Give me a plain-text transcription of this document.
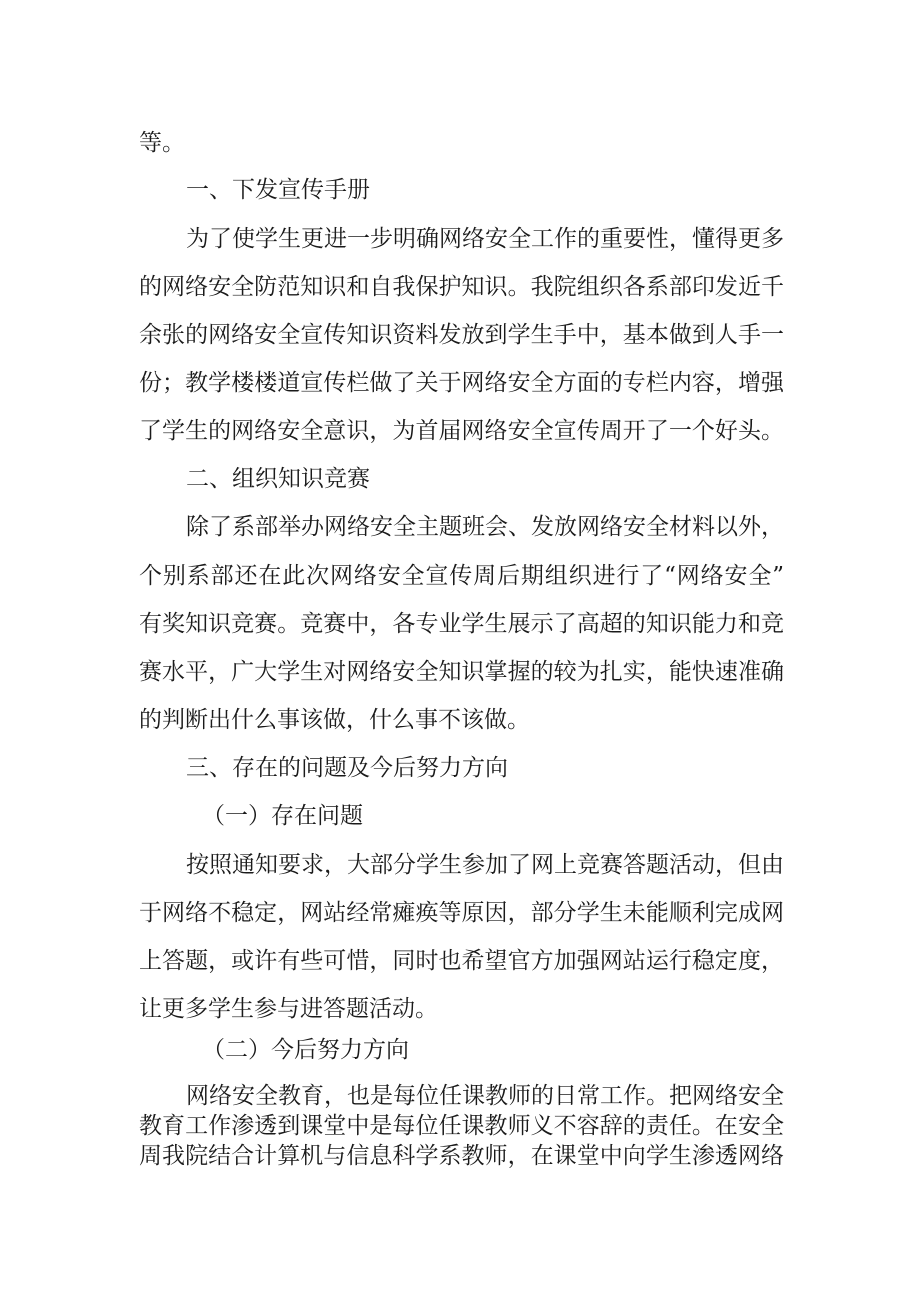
等。
一、下发宣传手册
为了使学生更进一步明确网络安全工作的重要性，懂得更多
的网络安全防范知识和自我保护知识。我院组织各系部印发近千
余张的网络安全宣传知识资料发放到学生手中，基本做到人手一
份；教学楼楼道宣传栏做了关于网络安全方面的专栏内容，增强
了学生的网络安全意识，为首届网络安全宣传周开了一个好头。
二、组织知识竞赛
除了系部举办网络安全主题班会、发放网络安全材料以外，
个别系部还在此次网络安全宣传周后期组织进行了“网络安全”
有奖知识竞赛。竞赛中，各专业学生展示了高超的知识能力和竞
赛水平，广大学生对网络安全知识掌握的较为扎实，能快速准确
的判断出什么事该做，什么事不该做。
三、存在的问题及今后努力方向
（一）存在问题
按照通知要求，大部分学生参加了网上竞赛答题活动，但由
于网络不稳定，网站经常瘫痪等原因，部分学生未能顺利完成网
上答题，或许有些可惜，同时也希望官方加强网站运行稳定度，
让更多学生参与进答题活动。
（二）今后努力方向
网络安全教育，也是每位任课教师的日常工作。把网络安全
教育工作渗透到课堂中是每位任课教师义不容辞的责任。在安全
周我院结合计算机与信息科学系教师，在课堂中向学生渗透网络
